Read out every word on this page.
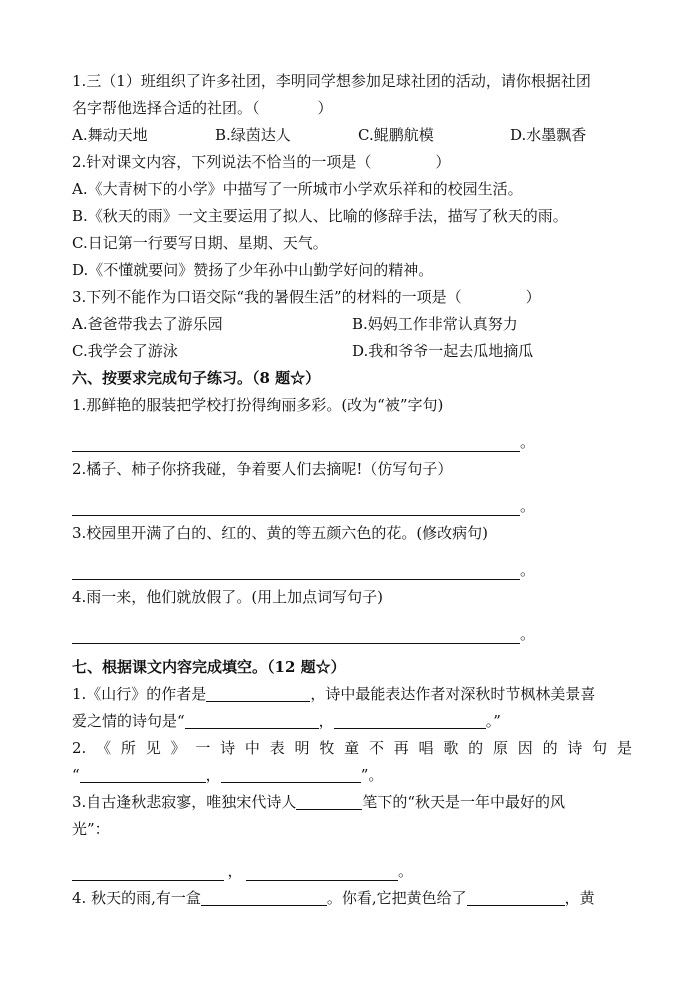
1.三（1）班组织了许多社团，李明同学想参加足球社团的活动，请你根据社团
名字帮他选择合适的社团。（	）
A.舞动天地	B.绿茵达人	C.鲲鹏航模	D.水墨飘香
2.针对课文内容，下列说法不恰当的一项是（	）
A.《大青树下的小学》中描写了一所城市小学欢乐祥和的校园生活。
B.《秋天的雨》一文主要运用了拟人、比喻的修辞手法，描写了秋天的雨。
C.日记第一行要写日期、星期、天气。
D.《不懂就要问》赞扬了少年孙中山勤学好问的精神。
3.下列不能作为口语交际“我的暑假生活”的材料的一项是（	）
A.爸爸带我去了游乐园	B.妈妈工作非常认真努力
C.我学会了游泳	D.我和爷爷一起去瓜地摘瓜
六、按要求完成句子练习。（8 题☆）
1.那鲜艳的服装把学校打扮得绚丽多彩。(改为“被”字句)
。
2.橘子、柿子你挤我碰，争着要人们去摘呢!（仿写句子）
。
3.校园里开满了白的、红的、黄的等五颜六色的花。(修改病句)
。
4.雨一来，他们就放假了。(用上加点词写句子)
。
七、根据课文内容完成填空。（12 题☆）
1.《山行》的作者是	，诗中最能表达作者对深秋时节枫林美景喜
爱之情的诗句是“	，	。”
2.《所见》一诗中表明牧童不再唱歌的原因的诗句是
“	，	”。
3.自古逢秋悲寂寥，唯独宋代诗人	笔下的“秋天是一年中最好的风
光”：
，	。
4. 秋天的雨,有一盒	。你看,它把黄色给了	，黄
